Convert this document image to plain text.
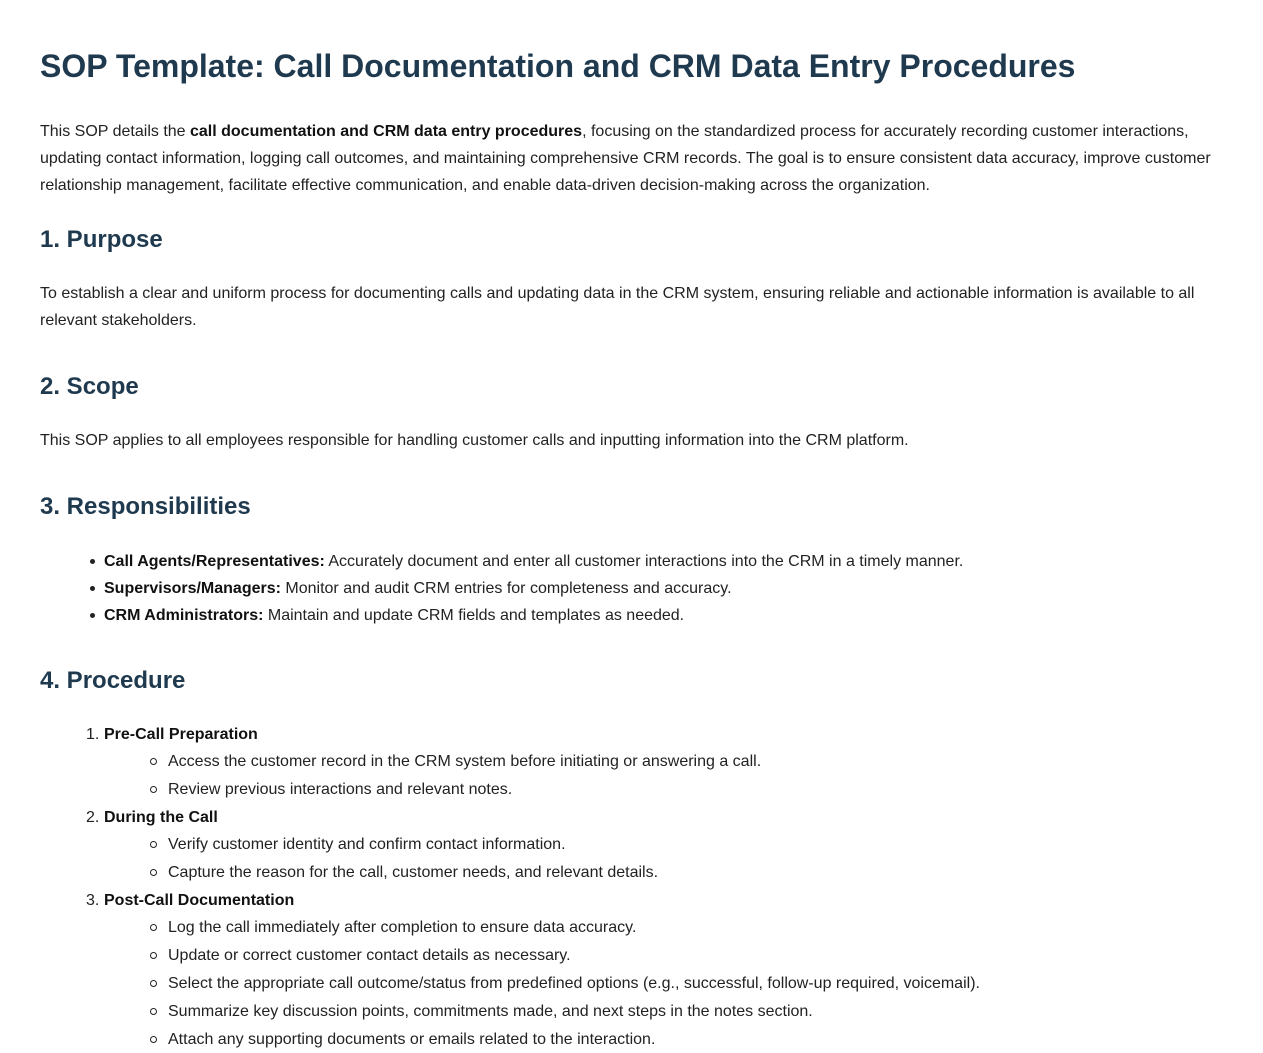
SOP Template: Call Documentation and CRM Data Entry Procedures

This SOP details the call documentation and CRM data entry procedures, focusing on the standardized process for accurately recording customer interactions, updating contact information, logging call outcomes, and maintaining comprehensive CRM records. The goal is to ensure consistent data accuracy, improve customer relationship management, facilitate effective communication, and enable data-driven decision-making across the organization.

1. Purpose

To establish a clear and uniform process for documenting calls and updating data in the CRM system, ensuring reliable and actionable information is available to all relevant stakeholders.

2. Scope

This SOP applies to all employees responsible for handling customer calls and inputting information into the CRM platform.

3. Responsibilities
Call Agents/Representatives: Accurately document and enter all customer interactions into the CRM in a timely manner.
Supervisors/Managers: Monitor and audit CRM entries for completeness and accuracy.
CRM Administrators: Maintain and update CRM fields and templates as needed.
4. Procedure
1. Pre-Call Preparation
Access the customer record in the CRM system before initiating or answering a call.
Review previous interactions and relevant notes.
2. During the Call
Verify customer identity and confirm contact information.
Capture the reason for the call, customer needs, and relevant details.
3. Post-Call Documentation
Log the call immediately after completion to ensure data accuracy.
Update or correct customer contact details as necessary.
Select the appropriate call outcome/status from predefined options (e.g., successful, follow-up required, voicemail).
Summarize key discussion points, commitments made, and next steps in the notes section.
Attach any supporting documents or emails related to the interaction.
